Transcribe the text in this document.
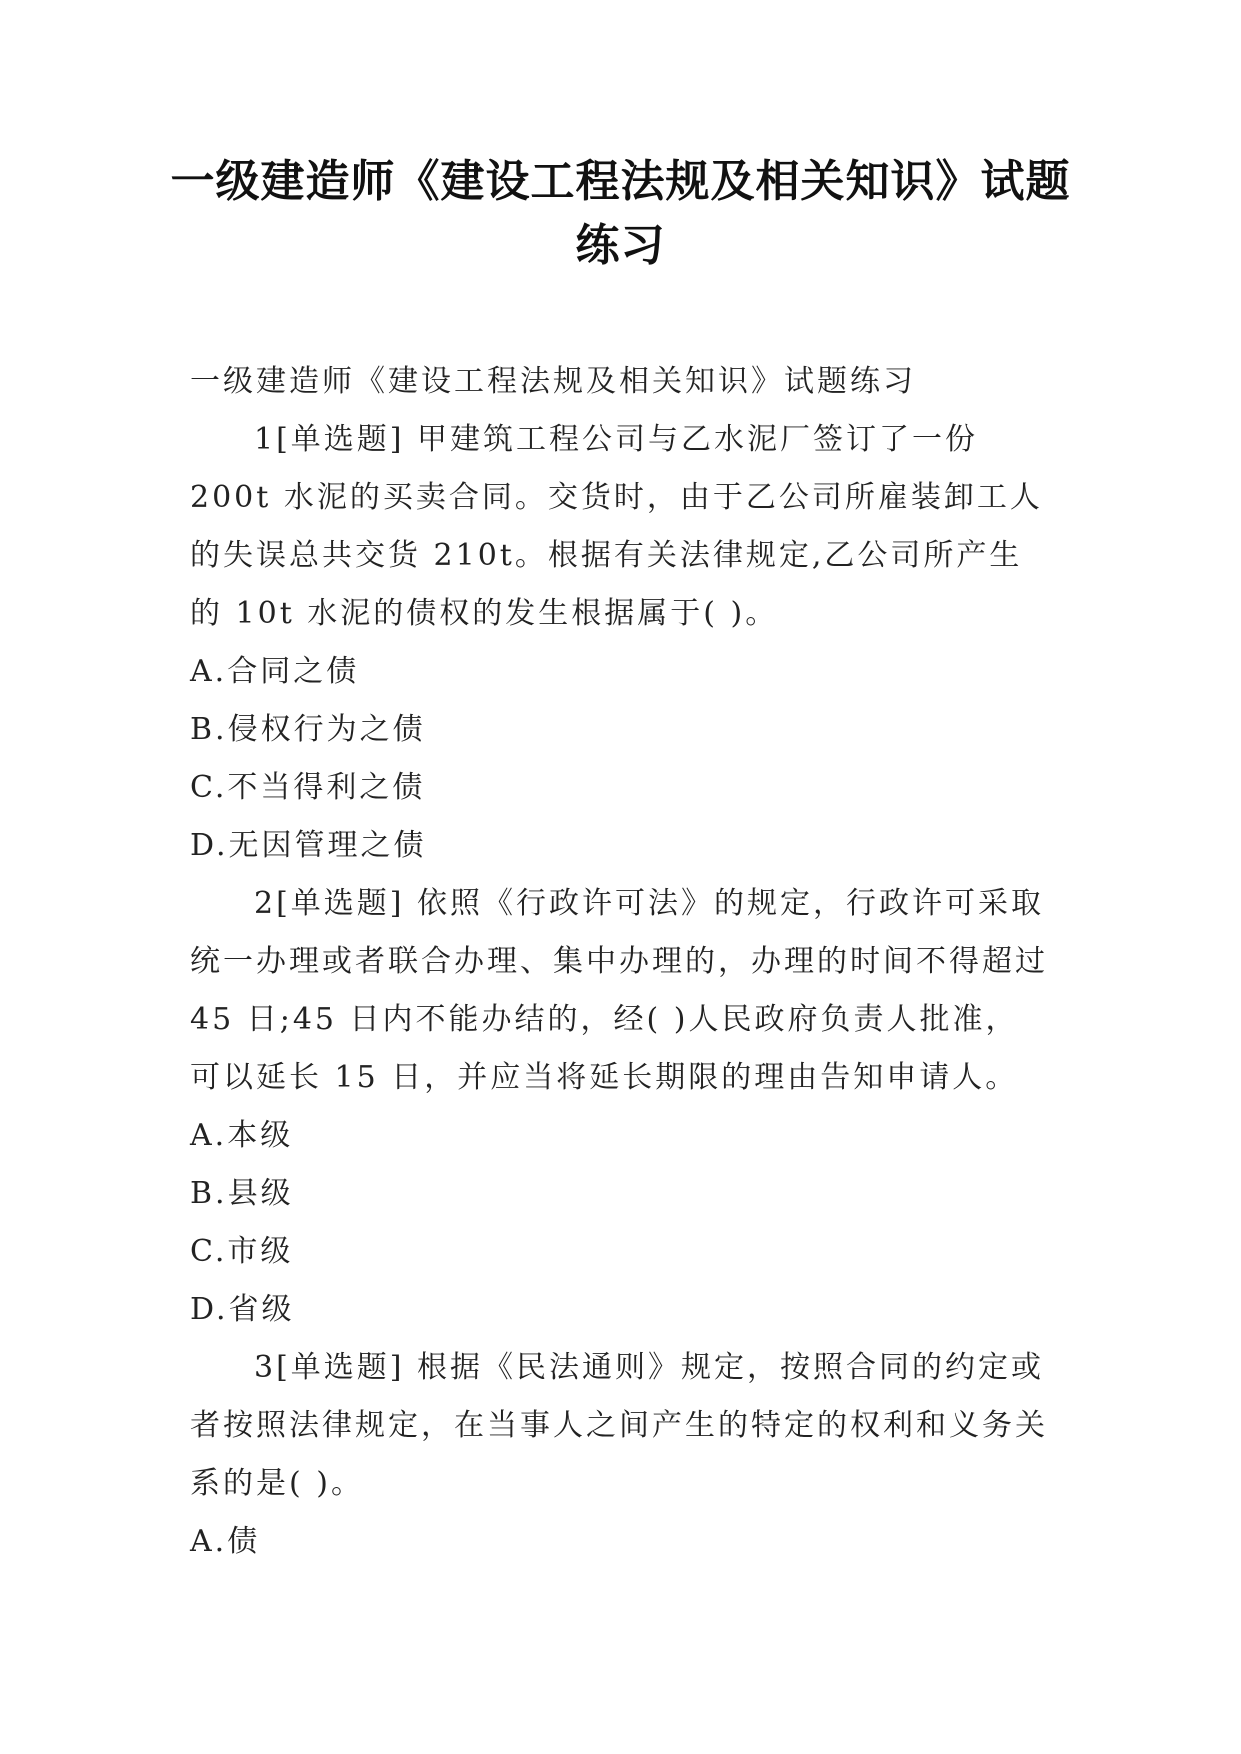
一级建造师《建设工程法规及相关知识》试题练习

一级建造师《建设工程法规及相关知识》试题练习

1[单选题] 甲建筑工程公司与乙水泥厂签订了一份200t 水泥的买卖合同。交货时，由于乙公司所雇装卸工人的失误总共交货 210t。根据有关法律规定,乙公司所产生的 10t 水泥的债权的发生根据属于( )。

A.合同之债

B.侵权行为之债

C.不当得利之债

D.无因管理之债

2[单选题] 依照《行政许可法》的规定，行政许可采取统一办理或者联合办理、集中办理的，办理的时间不得超过 45 日;45 日内不能办结的，经( )人民政府负责人批准，可以延长 15 日，并应当将延长期限的理由告知申请人。

A.本级

B.县级

C.市级

D.省级

3[单选题] 根据《民法通则》规定，按照合同的约定或者按照法律规定，在当事人之间产生的特定的权利和义务关系的是( )。

A.债
